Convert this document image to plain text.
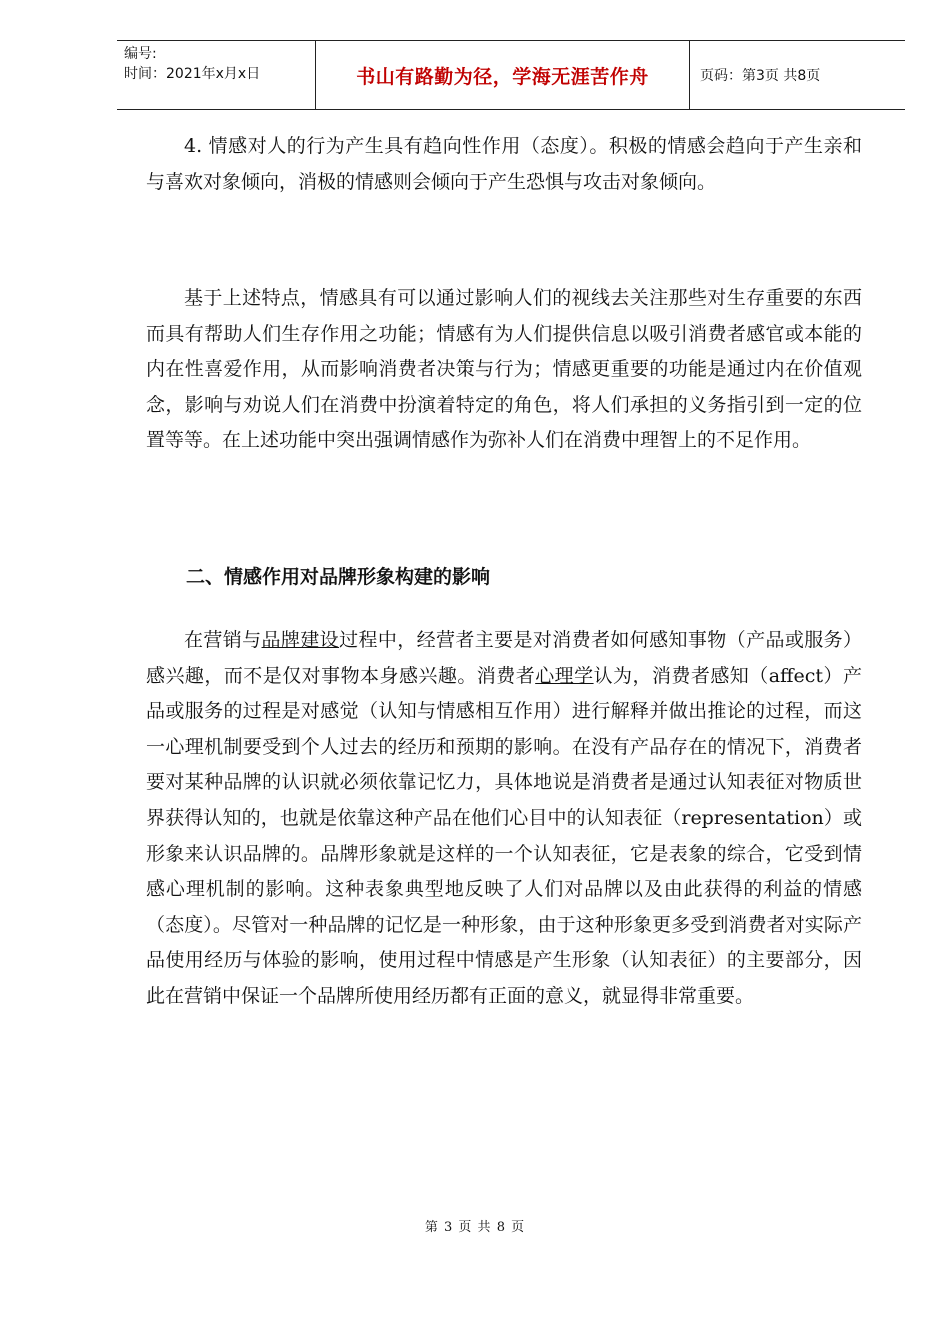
编号:
时间：2021年x月x日	书山有路勤为径，学海无涯苦作舟	页码：第3页 共8页

4. 情感对人的行为产生具有趋向性作用（态度）。积极的情感会趋向于产生亲和与喜欢对象倾向，消极的情感则会倾向于产生恐惧与攻击对象倾向。

基于上述特点，情感具有可以通过影响人们的视线去关注那些对生存重要的东西而具有帮助人们生存作用之功能；情感有为人们提供信息以吸引消费者感官或本能的内在性喜爱作用，从而影响消费者决策与行为；情感更重要的功能是通过内在价值观念，影响与劝说人们在消费中扮演着特定的角色，将人们承担的义务指引到一定的位置等等。在上述功能中突出强调情感作为弥补人们在消费中理智上的不足作用。

二、情感作用对品牌形象构建的影响

在营销与品牌建设过程中，经营者主要是对消费者如何感知事物（产品或服务）感兴趣，而不是仅对事物本身感兴趣。消费者心理学认为，消费者感知（affect）产品或服务的过程是对感觉（认知与情感相互作用）进行解释并做出推论的过程，而这一心理机制要受到个人过去的经历和预期的影响。在没有产品存在的情况下，消费者要对某种品牌的认识就必须依靠记忆力，具体地说是消费者是通过认知表征对物质世界获得认知的，也就是依靠这种产品在他们心目中的认知表征（representation）或形象来认识品牌的。品牌形象就是这样的一个认知表征，它是表象的综合，它受到情感心理机制的影响。这种表象典型地反映了人们对品牌以及由此获得的利益的情感（态度）。尽管对一种品牌的记忆是一种形象，由于这种形象更多受到消费者对实际产品使用经历与体验的影响，使用过程中情感是产生形象（认知表征）的主要部分，因此在营销中保证一个品牌所使用经历都有正面的意义，就显得非常重要。

第 3 页 共 8 页
